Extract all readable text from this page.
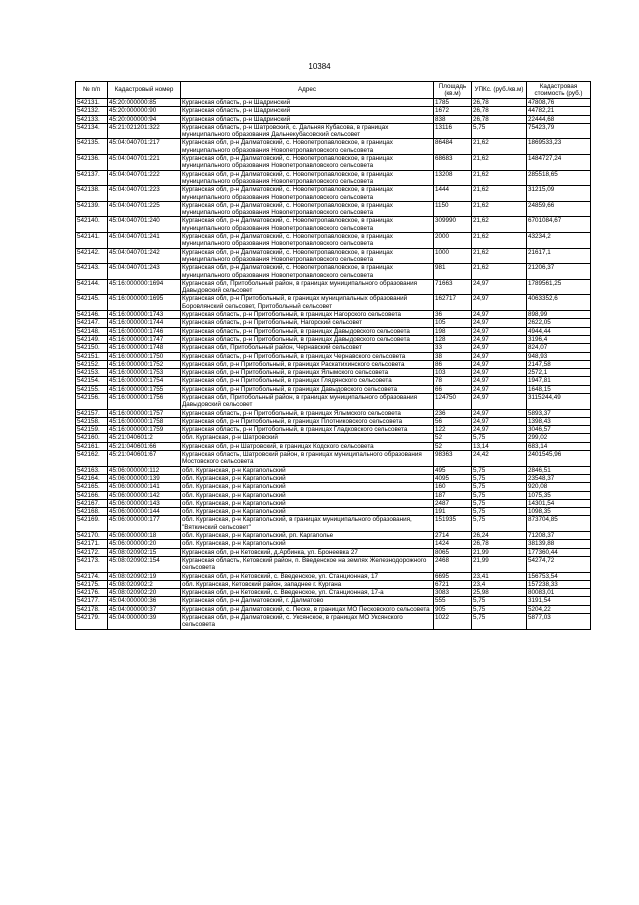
10384
№ п/п	Кадастровый номер	Адрес	Площадь (кв.м)	УПКс. (руб./кв.м)	Кадастровая стоимость (руб.)
542131.	45:20:000000:85	Курганская область, р-н Шадринский	1785	26,78	47808,76
542132.	45:20:000000:90	Курганская область, р-н Шадринский	1672	26,78	44782,21
542133.	45:20:000000:94	Курганская область, р-н Шадринский	838	26,78	22444,68
542134.	45:21:021201:322	Курганская область, р-н Шатровский, с. Дальняя Кубасова, в границах муниципального образования Дальнекубасовский сельсовет	13116	5,75	75423,79
542135.	45:04:040701:217	Курганская обл, р-н Далматовский, с. Новопетропавловское, в границах муниципального образования Новопетропавловского сельсовета	86484	21,62	1869533,23
542136.	45:04:040701:221	Курганская обл, р-н Далматовский, с. Новопетропавловское, в границах муниципального образования Новопетропавловского сельсовета	68683	21,62	1484727,24
542137.	45:04:040701:222	Курганская обл, р-н Далматовский, с. Новопетропавловское, в границах муниципального образования Новопетропавловского сельсовета	13208	21,62	285518,65
542138.	45:04:040701:223	Курганская обл, р-н Далматовский, с. Новопетропавловское, в границах муниципального образования Новопетропавловского сельсовета	1444	21,62	31215,09
542139.	45:04:040701:225	Курганская обл, р-н Далматовский, с. Новопетропавловское, в границах муниципального образования Новопетропавловского сельсовета	1150	21,62	24859,66
542140.	45:04:040701:240	Курганская обл, р-н Далматовский, с. Новопетропавловское, в границах муниципального образования Новопетропавловского сельсовета	309990	21,62	6701084,67
542141.	45:04:040701:241	Курганская обл, р-н Далматовский, с. Новопетропавловское, в границах муниципального образования Новопетропавловского сельсовета	2000	21,62	43234,2
542142.	45:04:040701:242	Курганская обл, р-н Далматовский, с. Новопетропавловское, в границах муниципального образования Новопетропавловского сельсовета	1000	21,62	21617,1
542143.	45:04:040701:243	Курганская обл, р-н Далматовский, с. Новопетропавловское, в границах муниципального образования Новопетропавловского сельсовета	981	21,62	21206,37
542144.	45:16:000000:1694	Курганская обл, Притобольный район, в границах муниципального образования Давыдовский сельсовет	71663	24,97	1789561,25
542145.	45:16:000000:1695	Курганская обл, р-н Притобольный, в границах муниципальных образований Боровлянский сельсовет, Притобольный сельсовет	162717	24,97	4063352,6
542146.	45:16:000000:1743	Курганская область, р-н Притобольный, в границах Нагорского сельсовета	36	24,97	898,99
542147.	45:16:000000:1744	Курганская область, р-н Притобольный, Нагорский сельсовет	105	24,97	2622,05
542148.	45:16:000000:1746	Курганская область, р-н Притобольный, в границах Давыдовского сельсовета	198	24,97	4944,44
542149.	45:16:000000:1747	Курганская область, р-н Притобольный, в границах Давыдовского сельсовета	128	24,97	3196,4
542150.	45:16:000000:1748	Курганская обл, Притобольный район, Чернавский сельсовет	33	24,97	824,07
542151.	45:16:000000:1750	Курганская область, р-н Притобольный, в границах Чернавского сельсовета	38	24,97	948,93
542152.	45:16:000000:1752	Курганская обл, р-н Притобольный, в границах Раскатихинского сельсовета	86	24,97	2147,58
542153.	45:16:000000:1753	Курганская обл, р-н Притобольный, в границах Ялымского сельсовета	103	24,97	2572,1
542154.	45:16:000000:1754	Курганская обл, р-н Притобольный, в границах Глядянского сельсовета	78	24,97	1947,81
542155.	45:16:000000:1755	Курганская обл, р-н Притобольный, в границах Давыдовского сельсовета	66	24,97	1648,15
542156.	45:16:000000:1756	Курганская обл, Притобольный район, в границах муниципального образования Давыдовский сельсовет	124750	24,97	3115244,49
542157.	45:16:000000:1757	Курганская область, р-н Притобольный, в границах Ялымского сельсовета	236	24,97	5893,37
542158.	45:16:000000:1758	Курганская обл, р-н Притобольный, в границах Плотниковского сельсовета	56	24,97	1398,43
542159.	45:16:000000:1759	Курганская область, р-н Притобольный, в границах Гладковского сельсовета	122	24,97	3046,57
542160.	45:21:040601:2	обл. Курганская, р-н Шатровский	52	5,75	299,02
542161.	45:21:040601:66	Курганская обл, р-н Шатровский, в границах Кодского сельсовета	52	13,14	683,14
542162.	45:21:040601:67	Курганская область, Шатровский район, в границах муниципального образования Мостовского сельсовета	98363	24,42	2401545,96
542163.	45:06:000000:112	обл. Курганская, р-н Каргапольский	495	5,75	2846,51
542164.	45:06:000000:139	обл. Курганская, р-н Каргапольский	4095	5,75	23548,37
542165.	45:06:000000:141	обл. Курганская, р-н Каргапольский	160	5,75	920,08
542166.	45:06:000000:142	обл. Курганская, р-н Каргапольский	187	5,75	1075,35
542167.	45:06:000000:143	обл. Курганская, р-н Каргапольский	2487	5,75	14301,54
542168.	45:06:000000:144	обл. Курганская, р-н Каргапольский	191	5,75	1098,35
542169.	45:06:000000:177	обл. Курганская, р-н Каргапольский, в границах муниципального образования, "Вяткинский сельсовет"	151935	5,75	873704,85
542170.	45:06:000000:18	обл. Курганская, р-н Каргапольский, рп. Каргаполье	2714	26,24	71208,37
542171.	45:06:000000:20	обл. Курганская, р-н Каргапольский	1424	26,78	38139,88
542172.	45:08:020902:15	Курганская обл, р-н Кетовский, д.Арбинка, ул. Бронеевка 27	8065	21,99	177360,44
542173.	45:08:020902:154	Курганская область, Кетовский район, п. Введенское на землях Железнодорожного сельсовета	2468	21,99	54274,72
542174.	45:08:020902:19	Курганская обл, р-н Кетовский, с. Введенское, ул. Станционная, 17	6695	23,41	156753,54
542175.	45:08:020902:2	обл. Курганская, Кетовский район, западнее г. Кургана	6721	23,4	157238,33
542176.	45:08:020902:20	Курганская обл, р-н Кетовский, с. Введенское, ул. Станционная, 17-а	3083	25,98	80083,01
542177.	45:04:000000:36	Курганская обл, р-н Далматовский, г. Далматово	555	5,75	3191,54
542178.	45:04:000000:37	Курганская обл, р-н Далматовский, с. Песке, в границах МО Песковского сельсовета	905	5,75	5204,22
542179.	45:04:000000:39	Курганская обл, р-н Далматовский, с. Уксянское, в границах МО Уксянского сельсовета	1022	5,75	5877,03
